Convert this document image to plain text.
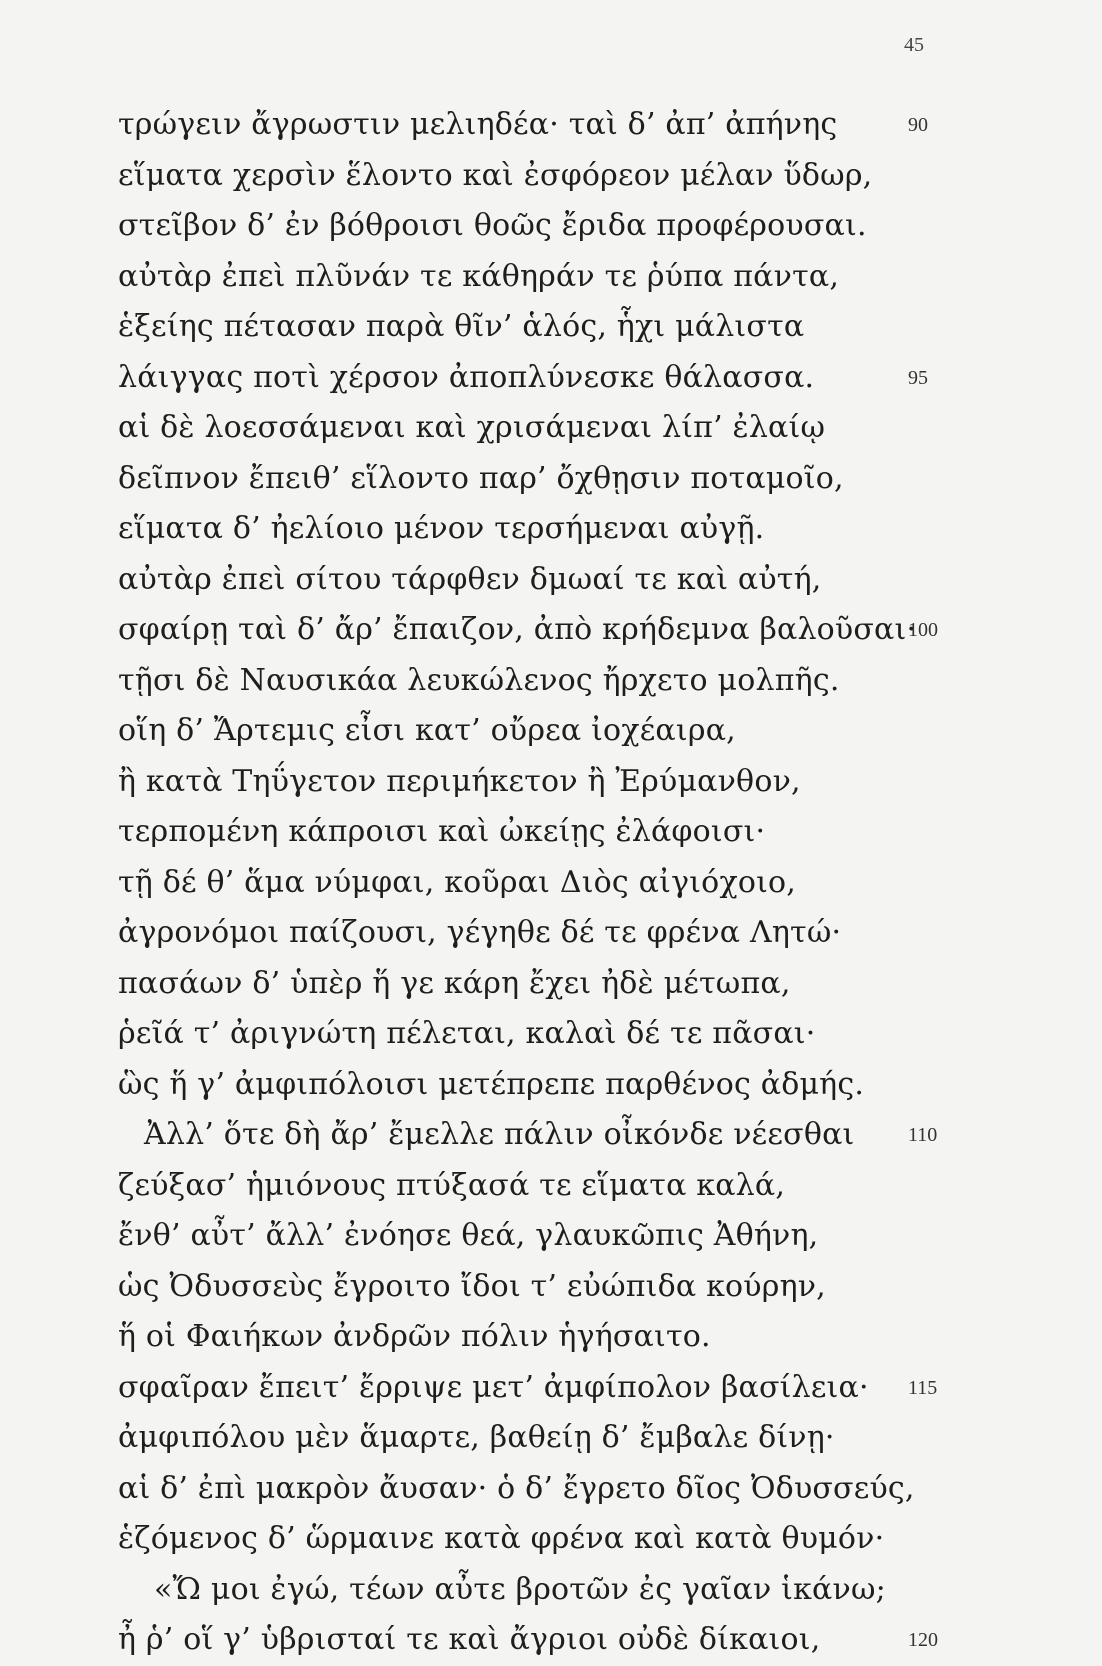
45
τρώγειν ἄγρωστιν μελιηδέα· ταὶ δ’ ἀπ’ ἀπήνης	90
εἵματα χερσὶν ἕλοντο καὶ ἐσφόρεον μέλαν ὕδωρ,
στεῖβον δ’ ἐν βόθροισι θοῶς ἔριδα προφέρουσαι.
αὐτὰρ ἐπεὶ πλῦνάν τε κάθηράν τε ῥύπα πάντα,
ἑξείης πέτασαν παρὰ θῖν’ ἁλός, ἧχι μάλιστα
λάιγγας ποτὶ χέρσον ἀποπλύνεσκε θάλασσα.	95
αἱ δὲ λοεσσάμεναι καὶ χρισάμεναι λίπ’ ἐλαίῳ
δεῖπνον ἔπειθ’ εἵλοντο παρ’ ὄχθῃσιν ποταμοῖο,
εἵματα δ’ ἠελίοιο μένον τερσήμεναι αὐγῇ.
αὐτὰρ ἐπεὶ σίτου τάρφθεν δμωαί τε καὶ αὐτή,
σφαίρῃ ταὶ δ’ ἄρ’ ἔπαιζον, ἀπὸ κρήδεμνα βαλοῦσαι·
100
τῇσι δὲ Ναυσικάα λευκώλενος ἤρχετο μολπῆς.
οἵη δ’ Ἄρτεμις εἶσι κατ’ οὔρεα ἰοχέαιρα,
ἢ κατὰ Τηΰγετον περιμήκετον ἢ Ἐρύμανθον,
τερπομένη κάπροισι καὶ ὠκείῃς ἐλάφοισι·
τῇ δέ θ’ ἅμα νύμφαι, κοῦραι Διὸς αἰγιόχοιο,
ἀγρονόμοι παίζουσι, γέγηθε δέ τε φρένα Λητώ·
πασάων δ’ ὑπὲρ ἥ γε κάρη ἔχει ἠδὲ μέτωπα,
ῥεῖά τ’ ἀριγνώτη πέλεται, καλαὶ δέ τε πᾶσαι·
ὣς ἥ γ’ ἀμφιπόλοισι μετέπρεπε παρθένος ἀδμής.
Ἀλλ’ ὅτε δὴ ἄρ’ ἔμελλε πάλιν οἶκόνδε νέεσθαι	110
ζεύξασ’ ἡμιόνους πτύξασά τε εἵματα καλά,
ἔνθ’ αὖτ’ ἄλλ’ ἐνόησε θεά, γλαυκῶπις Ἀθήνη,
ὡς Ὀδυσσεὺς ἔγροιτο ἴδοι τ’ εὐώπιδα κούρην,
ἥ οἱ Φαιήκων ἀνδρῶν πόλιν ἡγήσαιτο.
σφαῖραν ἔπειτ’ ἔρριψε μετ’ ἀμφίπολον βασίλεια· 115
ἀμφιπόλου μὲν ἅμαρτε, βαθείῃ δ’ ἔμβαλε δίνῃ·
αἱ δ’ ἐπὶ μακρὸν ἄυσαν· ὁ δ’ ἔγρετο δῖος Ὀδυσσεύς,
ἑζόμενος δ’ ὥρμαινε κατὰ φρένα καὶ κατὰ θυμόν·
«Ὤ μοι ἐγώ, τέων αὖτε βροτῶν ἐς γαῖαν ἱκάνω;
ἦ ῥ’ οἵ γ’ ὑβρισταί τε καὶ ἄγριοι οὐδὲ δίκαιοι,	120
